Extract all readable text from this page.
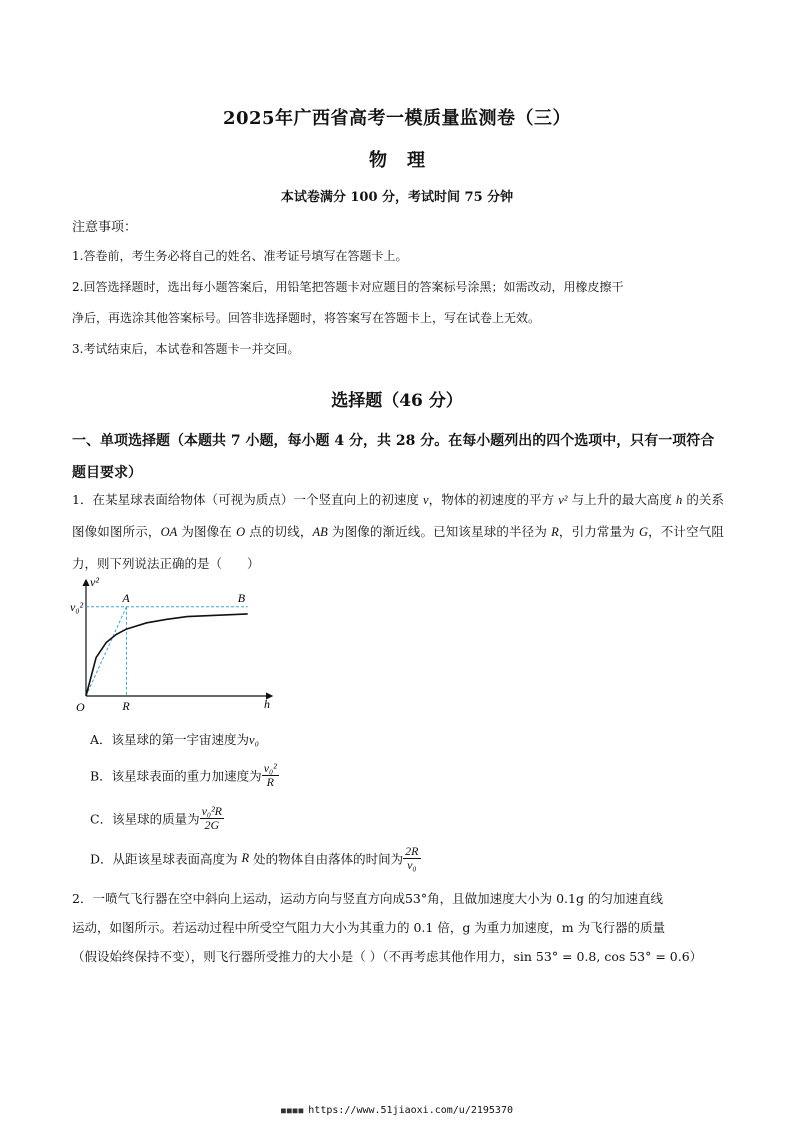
2025年广西省高考一模质量监测卷（三）
物 理
本试卷满分 100 分，考试时间 75 分钟
注意事项：
1.答卷前，考生务必将自己的姓名、准考证号填写在答题卡上。
2.回答选择题时，选出每小题答案后，用铅笔把答题卡对应题目的答案标号涂黑；如需改动，用橡皮擦干
净后，再选涂其他答案标号。回答非选择题时，将答案写在答题卡上，写在试卷上无效。
3.考试结束后，本试卷和答题卡一并交回。
选择题（46 分）
一、单项选择题（本题共 7 小题，每小题 4 分，共 28 分。在每小题列出的四个选项中，只有一项符合题目要求）
1．在某星球表面给物体（可视为质点）一个竖直向上的初速度 v，物体的初速度的平方 v² 与上升的最大高度 h 的关系图像如图所示，OA 为图像在 O 点的切线，AB 为图像的渐近线。已知该星球的半径为 R，引力常量为 G，不计空气阻力，则下列说法正确的是（　　）
v²
h
O	R
v₀²
A	B
A．该星球的第一宇宙速度为v₀
B．该星球表面的重力加速度为 $\frac{\text{v₀²}}{R}$
C．该星球的质量为 $\frac{\text{v₀²R}}{2G}$
D．从距该星球表面高度为 R 处的物体自由落体的时间为 $\frac{2R}{\text{v₀}}$
2．一喷气飞行器在空中斜向上运动，运动方向与竖直方向成53°角，且做加速度大小为 0.1g 的匀加速直线
运动，如图所示。若运动过程中所受空气阻力大小为其重力的 0.1 倍，g 为重力加速度，m 为飞行器的质量
（假设始终保持不变），则飞行器所受推力的大小是（ ）（不再考虑其他作用力，sin 53° = 0.8, cos 53° = 0.6）
■■■■ https://www.51jiaoxi.com/u/2195370
